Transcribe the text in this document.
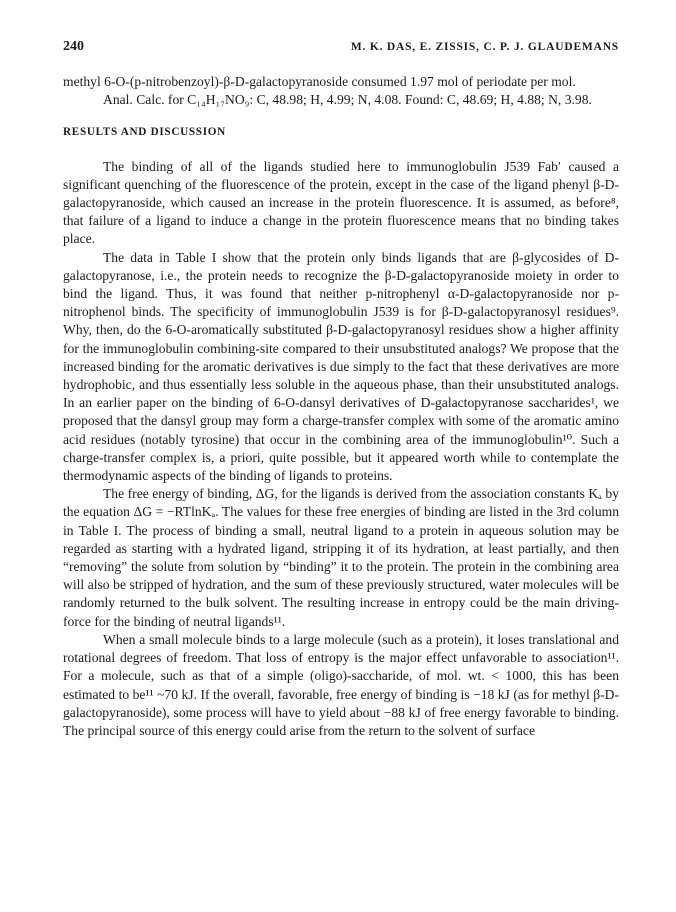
240	M. K. DAS, E. ZISSIS, C. P. J. GLAUDEMANS

methyl 6-O-(p-nitrobenzoyl)-β-D-galactopyranoside consumed 1.97 mol of periodate per mol.

Anal. Calc. for C₁₄H₁₇NO₉: C, 48.98; H, 4.99; N, 4.08. Found: C, 48.69; H, 4.88; N, 3.98.

RESULTS AND DISCUSSION

The binding of all of the ligands studied here to immunoglobulin J539 Fab′ caused a significant quenching of the fluorescence of the protein, except in the case of the ligand phenyl β-D-galactopyranoside, which caused an increase in the protein fluorescence. It is assumed, as before⁸, that failure of a ligand to induce a change in the protein fluorescence means that no binding takes place.

The data in Table I show that the protein only binds ligands that are β-glycosides of D-galactopyranose, i.e., the protein needs to recognize the β-D-galactopyranoside moiety in order to bind the ligand. Thus, it was found that neither p-nitrophenyl α-D-galactopyranoside nor p-nitrophenol binds. The specificity of immunoglobulin J539 is for β-D-galactopyranosyl residues⁹. Why, then, do the 6-O-aromatically substituted β-D-galactopyranosyl residues show a higher affinity for the immunoglobulin combining-site compared to their unsubstituted analogs? We propose that the increased binding for the aromatic derivatives is due simply to the fact that these derivatives are more hydrophobic, and thus essentially less soluble in the aqueous phase, than their unsubstituted analogs. In an earlier paper on the binding of 6-O-dansyl derivatives of D-galactopyranose saccharides¹, we proposed that the dansyl group may form a charge-transfer complex with some of the aromatic amino acid residues (notably tyrosine) that occur in the combining area of the immunoglobulin¹⁰. Such a charge-transfer complex is, a priori, quite possible, but it appeared worth while to contemplate the thermodynamic aspects of the binding of ligands to proteins.

The free energy of binding, ΔG, for the ligands is derived from the association constants Kₐ by the equation ΔG = −RTlnKₐ. The values for these free energies of binding are listed in the 3rd column in Table I. The process of binding a small, neutral ligand to a protein in aqueous solution may be regarded as starting with a hydrated ligand, stripping it of its hydration, at least partially, and then “removing” the solute from solution by “binding” it to the protein. The protein in the combining area will also be stripped of hydration, and the sum of these previously structured, water molecules will be randomly returned to the bulk solvent. The resulting increase in entropy could be the main driving-force for the binding of neutral ligands¹¹.

When a small molecule binds to a large molecule (such as a protein), it loses translational and rotational degrees of freedom. That loss of entropy is the major effect unfavorable to association¹¹. For a molecule, such as that of a simple (oligo)-saccharide, of mol. wt. < 1000, this has been estimated to be¹¹ ~70 kJ. If the overall, favorable, free energy of binding is −18 kJ (as for methyl β-D-galactopyranoside), some process will have to yield about −88 kJ of free energy favorable to binding. The principal source of this energy could arise from the return to the solvent of surface
